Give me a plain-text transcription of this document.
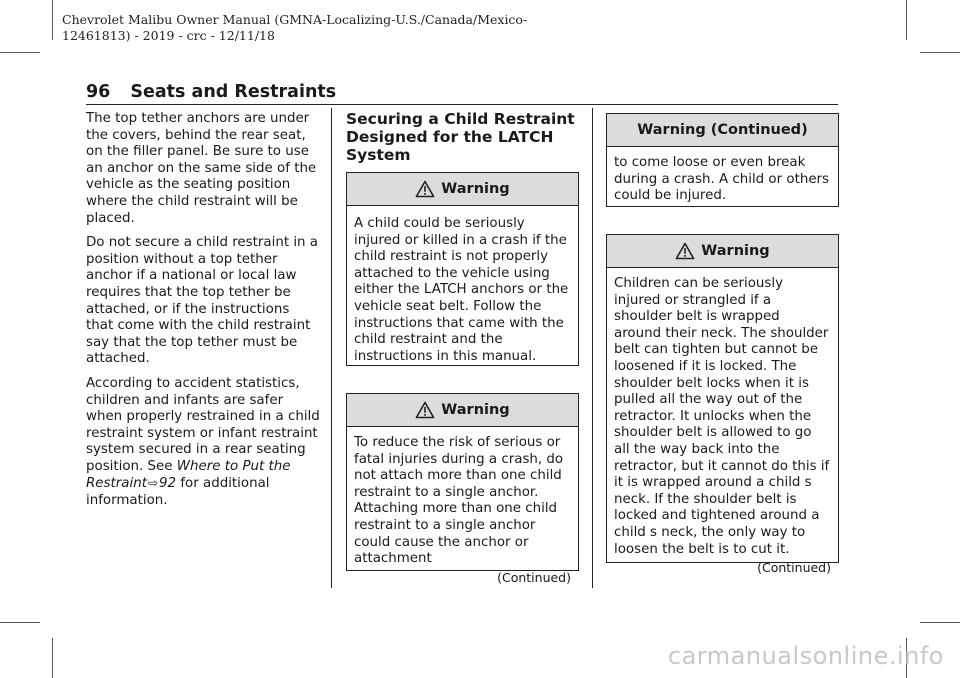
Chevrolet Malibu Owner Manual (GMNA-Localizing-U.S./Canada/Mexico-
12461813) - 2019 - crc - 12/11/18
96 Seats and Restraints

The top tether anchors are under the covers, behind the rear seat, on the filler panel. Be sure to use an anchor on the same side of the vehicle as the seating position where the child restraint will be placed.

Do not secure a child restraint in a position without a top tether anchor if a national or local law requires that the top tether be attached, or if the instructions that come with the child restraint say that the top tether must be attached.

According to accident statistics, children and infants are safer when properly restrained in a child restraint system or infant restraint system secured in a rear seating position. See Where to Put the Restraint⇨92 for additional information.

Securing a Child Restraint Designed for the LATCH System
Warning
A child could be seriously injured or killed in a crash if the child restraint is not properly attached to the vehicle using either the LATCH anchors or the vehicle seat belt. Follow the instructions that came with the child restraint and the instructions in this manual.
Warning
To reduce the risk of serious or fatal injuries during a crash, do not attach more than one child restraint to a single anchor. Attaching more than one child restraint to a single anchor could cause the anchor or attachment
(Continued)
Warning (Continued)
to come loose or even break during a crash. A child or others could be injured.
Warning
Children can be seriously injured or strangled if a shoulder belt is wrapped around their neck. The shoulder belt can tighten but cannot be loosened if it is locked. The shoulder belt locks when it is pulled all the way out of the retractor. It unlocks when the shoulder belt is allowed to go all the way back into the retractor, but it cannot do this if it is wrapped around a child s neck. If the shoulder belt is locked and tightened around a child s neck, the only way to loosen the belt is to cut it.
(Continued)
carmanualsonline.info
